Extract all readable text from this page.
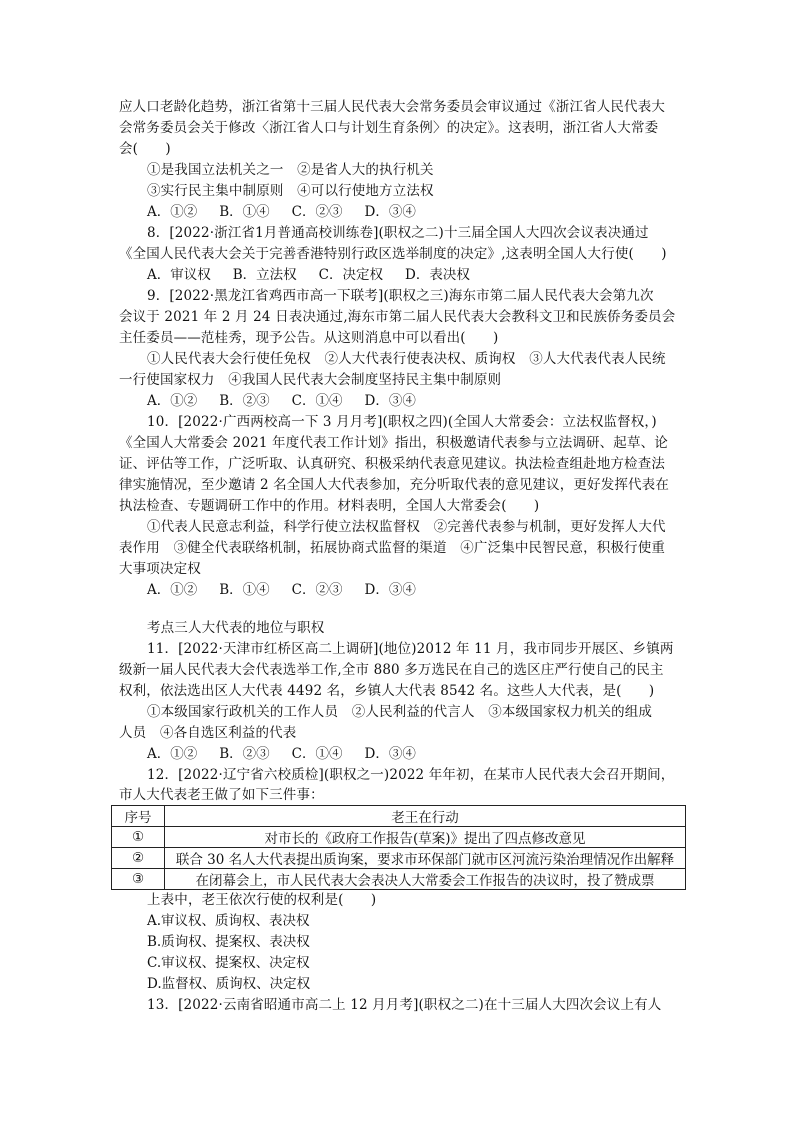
应人口老龄化趋势，浙江省第十三届人民代表大会常务委员会审议通过《浙江省人民代表大
会常务委员会关于修改〈浙江省人口与计划生育条例〉的决定》。这表明，浙江省人大常委
会(　　)
①是我国立法机关之一　②是省人大的执行机关
③实行民主集中制原则　④可以行使地方立法权
A．①② B．①④ C．②③ D．③④
8．[2022·浙江省1月普通高校训练卷](职权之二)十三届全国人大四次会议表决通过
《全国人民代表大会关于完善香港特别行政区选举制度的决定》,这表明全国人大行使(　　)
A．审议权 B．立法权 C．决定权 D．表决权
9．[2022·黑龙江省鸡西市高一下联考](职权之三)海东市第二届人民代表大会第九次
会议于 2021 年 2 月 24 日表决通过,海东市第二届人民代表大会教科文卫和民族侨务委员会
主任委员——范桂秀，现予公告。从这则消息中可以看出(　　)
①人民代表大会行使任免权　②人大代表行使表决权、质询权　③人大代表代表人民统
一行使国家权力　④我国人民代表大会制度坚持民主集中制原则
A．①② B．②③ C．①④ D．③④
10．[2022·广西两校高一下 3 月月考](职权之四)(全国人大常委会：立法权监督权，)
《全国人大常委会 2021 年度代表工作计划》指出，积极邀请代表参与立法调研、起草、论
证、评估等工作，广泛听取、认真研究、积极采纳代表意见建议。执法检查组赴地方检查法
律实施情况，至少邀请 2 名全国人大代表参加，充分听取代表的意见建议，更好发挥代表在
执法检查、专题调研工作中的作用。材料表明，全国人大常委会(　　)
①代表人民意志利益，科学行使立法权监督权　②完善代表参与机制，更好发挥人大代
表作用　③健全代表联络机制，拓展协商式监督的渠道　④广泛集中民智民意，积极行使重
大事项决定权
A．①② B．①④ C．②③ D．③④
考点三人大代表的地位与职权
11．[2022·天津市红桥区高二上调研](地位)2012 年 11 月，我市同步开展区、乡镇两
级新一届人民代表大会代表选举工作,全市 880 多万选民在自己的选区庄严行使自己的民主
权利，依法选出区人大代表 4492 名，乡镇人大代表 8542 名。这些人大代表，是(　　)
①本级国家行政机关的工作人员　②人民利益的代言人　③本级国家权力机关的组成
人员　④各自选区利益的代表
A．①② B．②③ C．①④ D．③④
12．[2022·辽宁省六校质检](职权之一)2022 年年初，在某市人民代表大会召开期间，
市人大代表老王做了如下三件事：
序号	老王在行动
①	对市长的《政府工作报告(草案)》提出了四点修改意见
②	联合 30 名人大代表提出质询案，要求市环保部门就市区河流污染治理情况作出解释
③	在闭幕会上，市人民代表大会表决人大常委会工作报告的决议时，投了赞成票
上表中，老王依次行使的权利是(　　)
A.审议权、质询权、表决权
B.质询权、提案权、表决权
C.审议权、提案权、决定权
D.监督权、质询权、决定权
13．[2022·云南省昭通市高二上 12 月月考](职权之二)在十三届人大四次会议上有人
